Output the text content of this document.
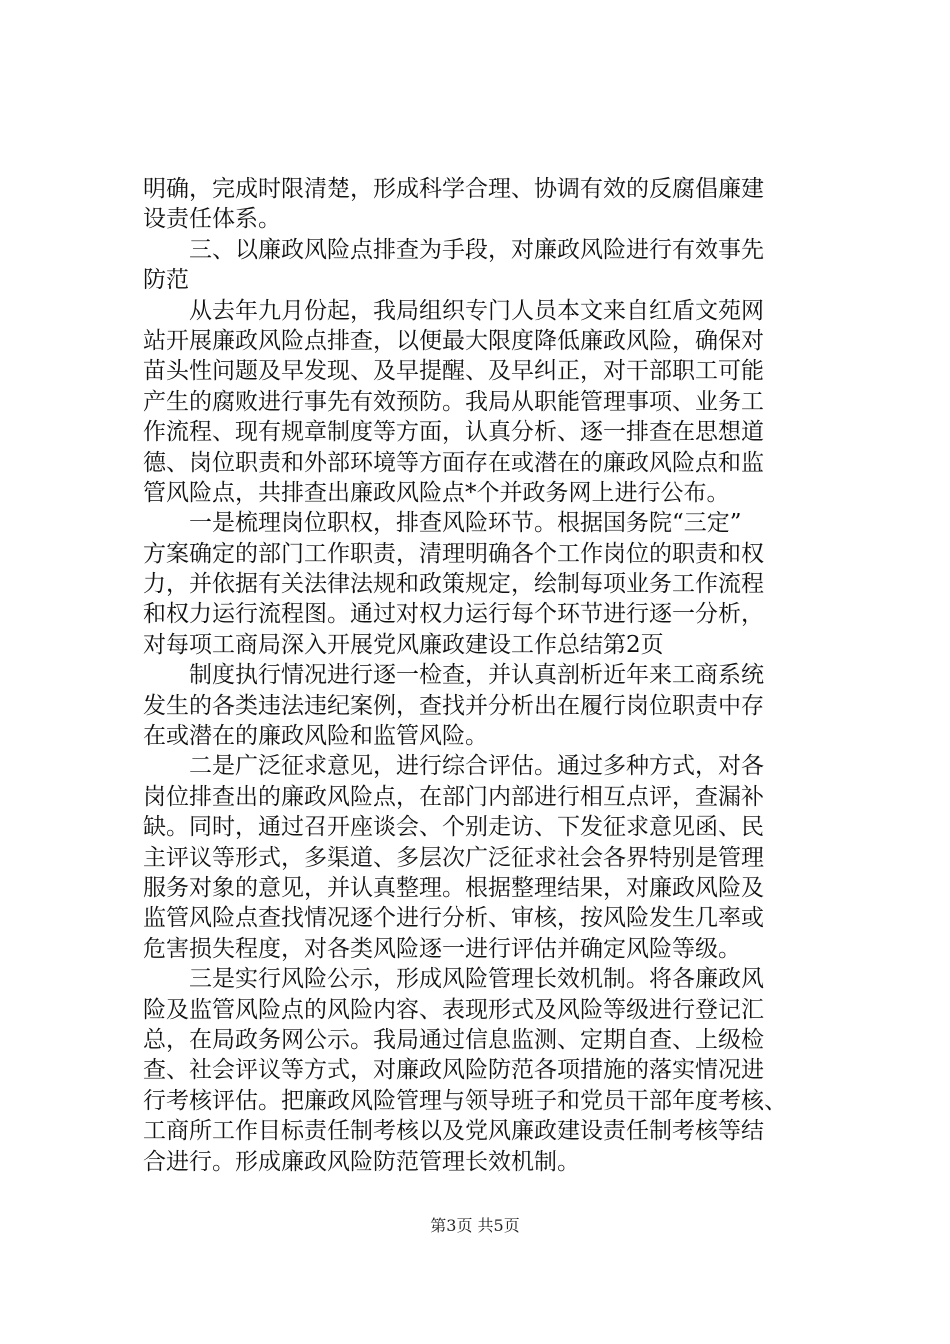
明确，完成时限清楚，形成科学合理、协调有效的反腐倡廉建
设责任体系。
三、以廉政风险点排查为手段，对廉政风险进行有效事先
防范
从去年九月份起，我局组织专门人员本文来自红盾文苑网
站开展廉政风险点排查，以便最大限度降低廉政风险，确保对
苗头性问题及早发现、及早提醒、及早纠正，对干部职工可能
产生的腐败进行事先有效预防。我局从职能管理事项、业务工
作流程、现有规章制度等方面，认真分析、逐一排查在思想道
德、岗位职责和外部环境等方面存在或潜在的廉政风险点和监
管风险点，共排查出廉政风险点*个并政务网上进行公布。
一是梳理岗位职权，排查风险环节。根据国务院“三定”
方案确定的部门工作职责，清理明确各个工作岗位的职责和权
力，并依据有关法律法规和政策规定，绘制每项业务工作流程
和权力运行流程图。通过对权力运行每个环节进行逐一分析，
对每项工商局深入开展党风廉政建设工作总结第2页
制度执行情况进行逐一检查，并认真剖析近年来工商系统
发生的各类违法违纪案例，查找并分析出在履行岗位职责中存
在或潜在的廉政风险和监管风险。
二是广泛征求意见，进行综合评估。通过多种方式，对各
岗位排查出的廉政风险点，在部门内部进行相互点评，查漏补
缺。同时，通过召开座谈会、个别走访、下发征求意见函、民
主评议等形式，多渠道、多层次广泛征求社会各界特别是管理
服务对象的意见，并认真整理。根据整理结果，对廉政风险及
监管风险点查找情况逐个进行分析、审核，按风险发生几率或
危害损失程度，对各类风险逐一进行评估并确定风险等级。
三是实行风险公示，形成风险管理长效机制。将各廉政风
险及监管风险点的风险内容、表现形式及风险等级进行登记汇
总，在局政务网公示。我局通过信息监测、定期自查、上级检
查、社会评议等方式，对廉政风险防范各项措施的落实情况进
行考核评估。把廉政风险管理与领导班子和党员干部年度考核、
工商所工作目标责任制考核以及党风廉政建设责任制考核等结
合进行。形成廉政风险防范管理长效机制。
第3页 共5页
